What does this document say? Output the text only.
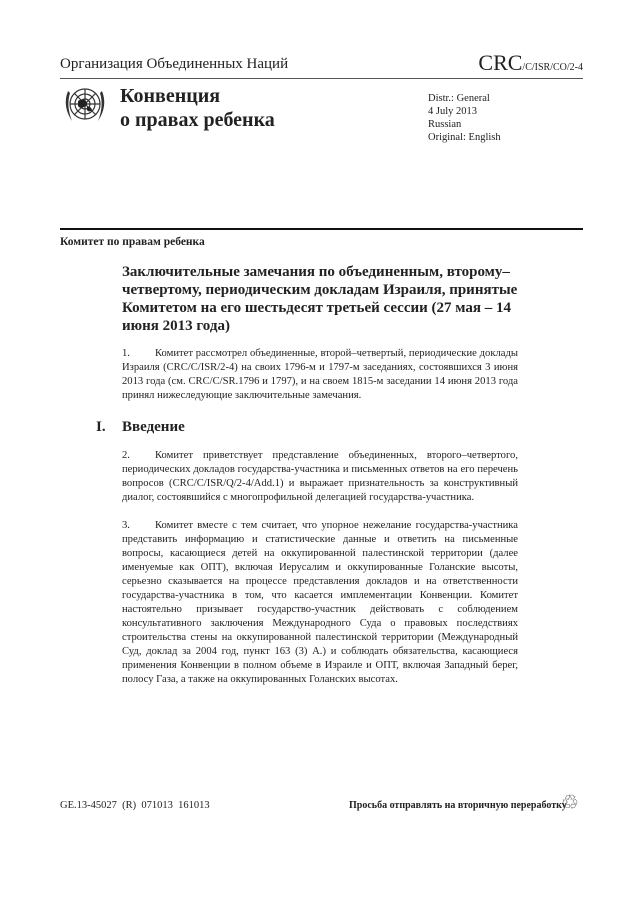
Организация Объединенных Наций	CRC/C/ISR/CO/2-4
Конвенция
о правах ребенка
Distr.: General
4 July 2013
Russian
Original: English
Комитет по правам ребенка
Заключительные замечания по объединенным, второму–четвертому, периодическим докладам Израиля, принятые Комитетом на его шестьдесят третьей сессии (27 мая – 14 июня 2013 года)
1. Комитет рассмотрел объединенные, второй–четвертый, периодические доклады Израиля (CRC/C/ISR/2-4) на своих 1796-м и 1797-м заседаниях, состоявшихся 3 июня 2013 года (см. CRC/C/SR.1796 и 1797), и на своем 1815-м заседании 14 июня 2013 года принял нижеследующие заключительные замечания.
I. Введение
2. Комитет приветствует представление объединенных, второго–четвертого, периодических докладов государства-участника и письменных ответов на его перечень вопросов (CRC/C/ISR/Q/2-4/Add.1) и выражает признательность за конструктивный диалог, состоявшийся с многопрофильной делегацией государства-участника.
3. Комитет вместе с тем считает, что упорное нежелание государства-участника представить информацию и статистические данные и ответить на письменные вопросы, касающиеся детей на оккупированной палестинской территории (далее именуемые как ОПТ), включая Иерусалим и оккупированные Голанские высоты, серьезно сказывается на процессе представления докладов и на ответственности государства-участника в том, что касается имплементации Конвенции. Комитет настоятельно призывает государство-участник действовать с соблюдением консультативного заключения Международного Суда о правовых последствиях строительства стены на оккупированной палестинской территории (Международный Суд, доклад за 2004 год, пункт 163 (3) A.) и соблюдать обязательства, касающиеся применения Конвенции в полном объеме в Израиле и ОПТ, включая Западный берег, полосу Газа, а также на оккупированных Голанских высотах.
GE.13-45027  (R)  071013  161013	Просьба отправлять на вторичную переработку
♲
